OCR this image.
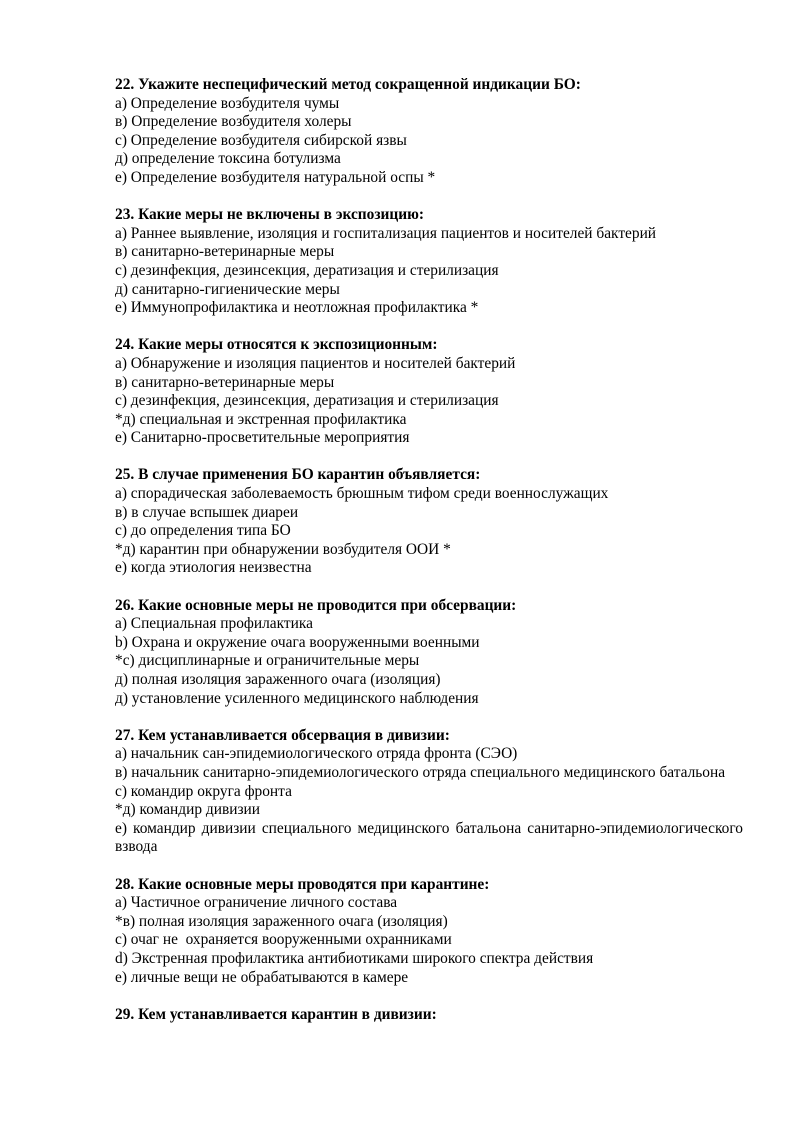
22. Укажите неспецифический метод сокращенной индикации БО:

а) Определение возбудителя чумы

в) Определение возбудителя холеры

с) Определение возбудителя сибирской язвы

д) определение токсина ботулизма

е) Определение возбудителя натуральной оспы *

23. Какие меры не включены в экспозицию:

а) Раннее выявление, изоляция и госпитализация пациентов и носителей бактерий

в) санитарно-ветеринарные меры

с) дезинфекция, дезинсекция, дератизация и стерилизация

д) санитарно-гигиенические меры

е) Иммунопрофилактика и неотложная профилактика *

24. Какие меры относятся к экспозиционным:

а) Обнаружение и изоляция пациентов и носителей бактерий

в) санитарно-ветеринарные меры

с) дезинфекция, дезинсекция, дератизация и стерилизация

*д) специальная и экстренная профилактика

е) Санитарно-просветительные мероприятия

25. В случае применения БО карантин объявляется:

а) спорадическая заболеваемость брюшным тифом среди военнослужащих

в) в случае вспышек диареи

с) до определения типа БО

*д) карантин при обнаружении возбудителя ООИ *

е) когда этиология неизвестна

26. Какие основные меры не проводится при обсервации:

а) Специальная профилактика

b) Охрана и окружение очага вооруженными военными

*с) дисциплинарные и ограничительные меры

д) полная изоляция зараженного очага (изоляция)

д) установление усиленного медицинского наблюдения

27. Кем устанавливается обсервация в дивизии:

а) начальник сан-эпидемиологического отряда фронта (СЭО)

в) начальник санитарно-эпидемиологического отряда специального медицинского батальона

с) командир округа фронта

*д) командир дивизии

е) командир дивизии специального медицинского батальона санитарно-эпидемиологического взвода

28. Какие основные меры проводятся при карантине:

а) Частичное ограничение личного состава

*в) полная изоляция зараженного очага (изоляция)

с) очаг не  охраняется вооруженными охранниками

d) Экстренная профилактика антибиотиками широкого спектра действия

е) личные вещи не обрабатываются в камере

29. Кем устанавливается карантин в дивизии:
